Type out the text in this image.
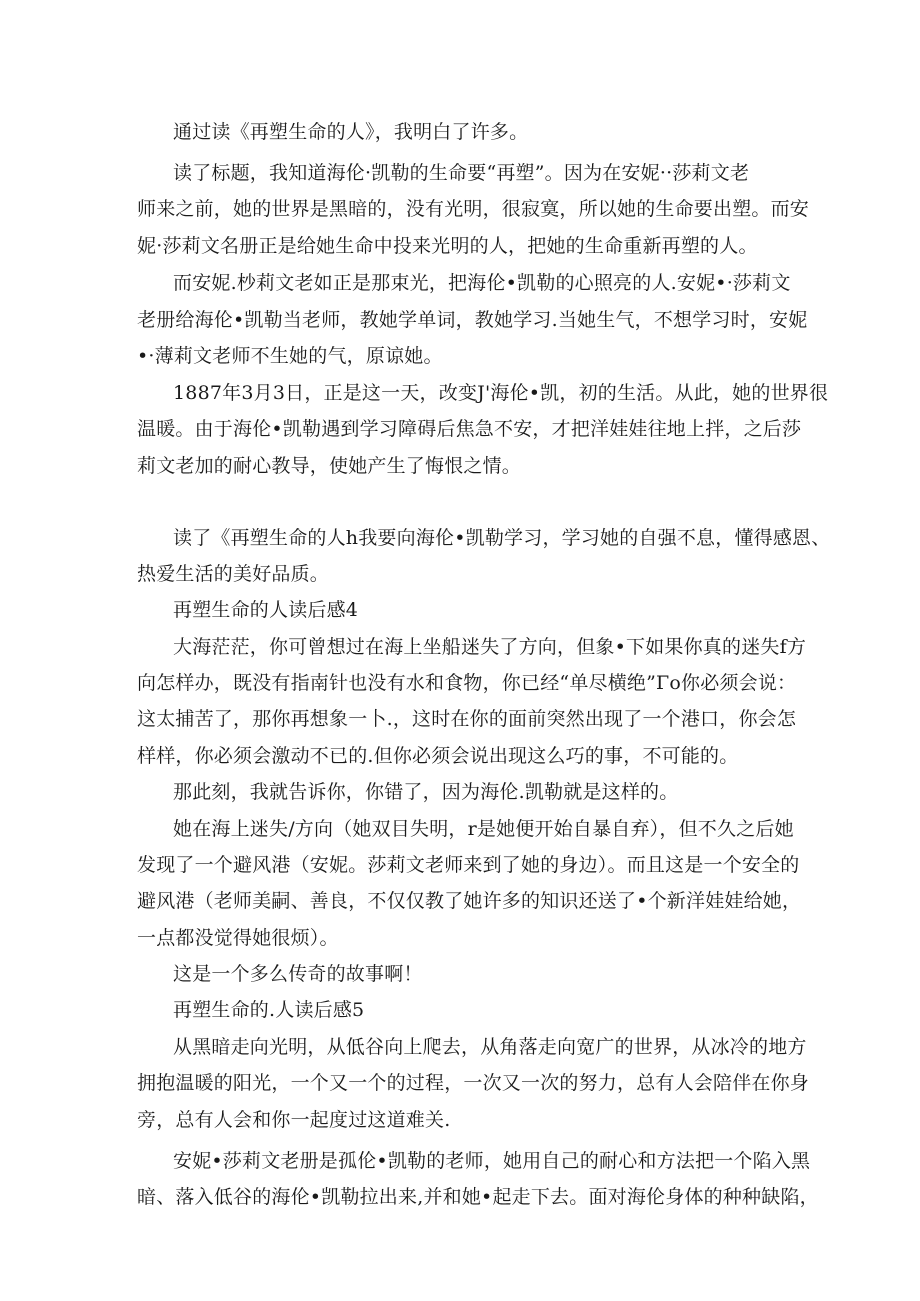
通过读《再塑生命的人》，我明白了许多。
读了标题，我知道海伦·凯勒的生命要“再塑”。因为在安妮··莎莉文老
师来之前，她的世界是黑暗的，没有光明，很寂寞，所以她的生命要出塑。而安
妮·莎莉文名册正是给她生命中投来光明的人，把她的生命重新再塑的人。
而安妮.杪莉文老如正是那束光，把海伦•凯勒的心照亮的人.安妮•·莎莉文
老册给海伦•凯勒当老师，教她学单词，教她学习.当她生气，不想学习时，安妮
•·薄莉文老师不生她的气，原谅她。
1887年3月3日，正是这一天，改变J'海伦•凯，初的生活。从此，她的世界很
温暖。由于海伦•凯勒遇到学习障碍后焦急不安，才把洋娃娃往地上拌，之后莎
莉文老加的耐心教导，使她产生了悔恨之情。
读了《再塑生命的人h我要向海伦•凯勒学习，学习她的自强不息，懂得感恩、
热爱生活的美好品质。
再塑生命的人读后感4
大海茫茫，你可曾想过在海上坐船迷失了方向，但象•下如果你真的迷失f方
向怎样办，既没有指南针也没有水和食物，你已经“单尽横绝”Γo你必须会说：
这太捕苦了，那你再想象一卜.，这时在你的面前突然出现了一个港口，你会怎
样样，你必须会激动不已的.但你必须会说出现这么巧的事，不可能的。
那此刻，我就告诉你，你错了，因为海伦.凯勒就是这样的。
她在海上迷失/方向（她双目失明，r是她便开始自暴自弃），但不久之后她
发现了一个避风港（安妮。莎莉文老师来到了她的身边）。而且这是一个安全的
避风港（老师美嗣、善良，不仅仅教了她许多的知识还送了•个新洋娃娃给她，
一点都没觉得她很烦）。
这是一个多么传奇的故事啊！
再塑生命的.人读后感5
从黑暗走向光明，从低谷向上爬去，从角落走向宽广的世界，从冰冷的地方
拥抱温暖的阳光，一个又一个的过程，一次又一次的努力，总有人会陪伴在你身
旁，总有人会和你一起度过这道难关.
安妮•莎莉文老册是孤伦•凯勒的老师，她用自己的耐心和方法把一个陷入黑
暗、落入低谷的海伦•凯勒拉出来,并和她•起走下去。面对海伦身体的种种缺陷，
